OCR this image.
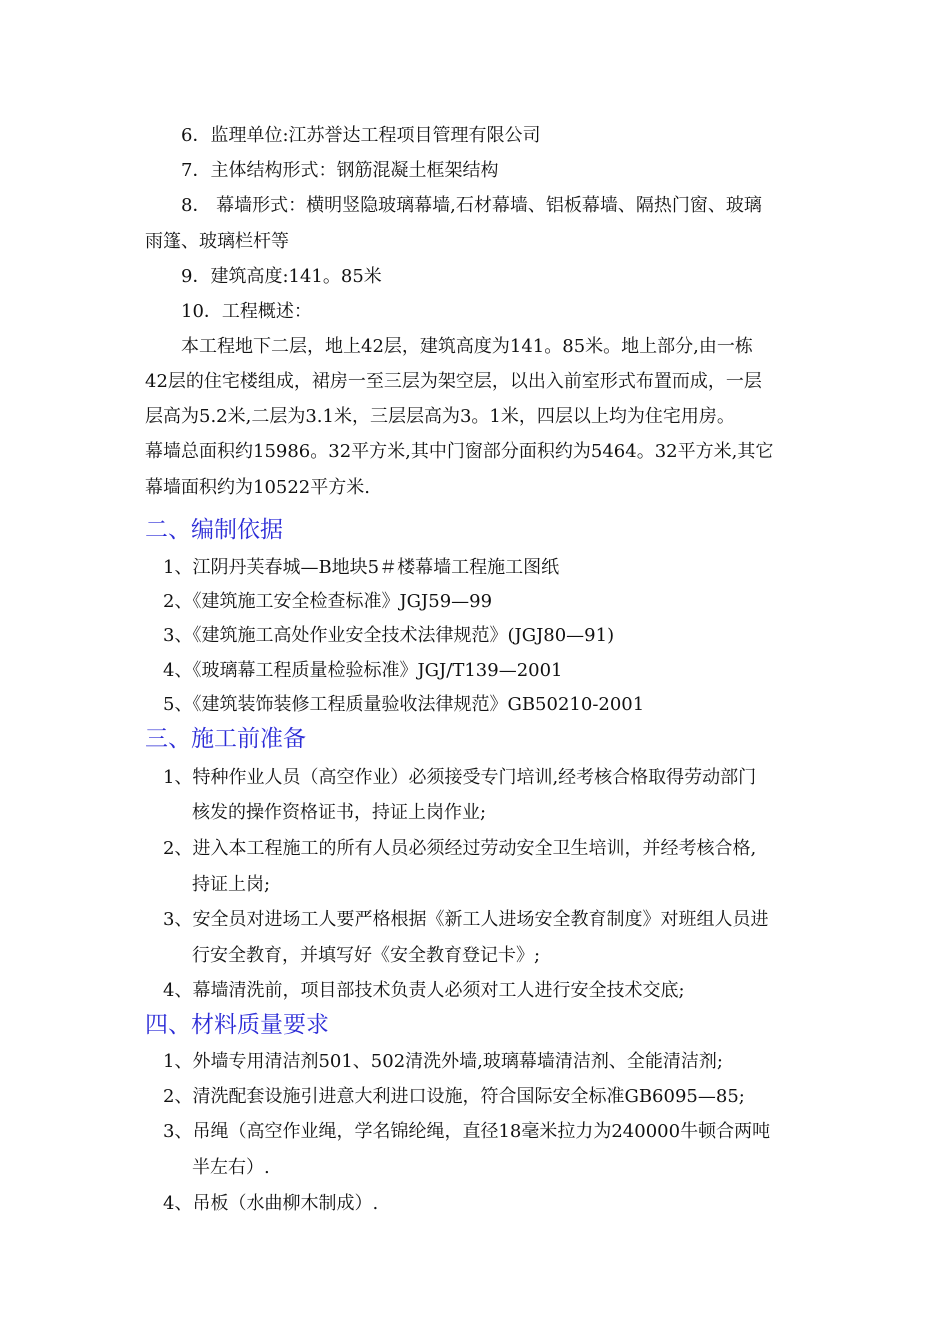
6．监理单位:江苏誉达工程项目管理有限公司
7．主体结构形式：钢筋混凝土框架结构
8． 幕墙形式：横明竖隐玻璃幕墙,石材幕墙、铝板幕墙、隔热门窗、玻璃
雨篷、玻璃栏杆等
9．建筑高度:141。85米
10．工程概述：
本工程地下二层，地上42层，建筑高度为141。85米。地上部分,由一栋
42层的住宅楼组成，裙房一至三层为架空层，以出入前室形式布置而成，一层
层高为5.2米,二层为3.1米，三层层高为3。1米，四层以上均为住宅用房。
幕墙总面积约15986。32平方米,其中门窗部分面积约为5464。32平方米,其它
幕墙面积约为10522平方米.
二、编制依据
1、江阴丹芙春城—B地块5＃楼幕墙工程施工图纸
2、《建筑施工安全检查标准》JGJ59—99
3、《建筑施工高处作业安全技术法律规范》(JGJ80—91)
4、《玻璃幕工程质量检验标准》JGJ/T139—2001
5、《建筑装饰装修工程质量验收法律规范》GB50210-2001
三、施工前准备
1、特种作业人员（高空作业）必须接受专门培训,经考核合格取得劳动部门
核发的操作资格证书，持证上岗作业;
2、进入本工程施工的所有人员必须经过劳动安全卫生培训，并经考核合格,
持证上岗;
3、安全员对进场工人要严格根据《新工人进场安全教育制度》对班组人员进
行安全教育，并填写好《安全教育登记卡》;
4、幕墙清洗前，项目部技术负责人必须对工人进行安全技术交底;
四、材料质量要求
1、外墙专用清洁剂501、502清洗外墙,玻璃幕墙清洁剂、全能清洁剂;
2、清洗配套设施引进意大利进口设施，符合国际安全标准GB6095—85;
3、吊绳（高空作业绳，学名锦纶绳，直径18毫米拉力为240000牛顿合两吨
半左右）.
4、吊板（水曲柳木制成）.
